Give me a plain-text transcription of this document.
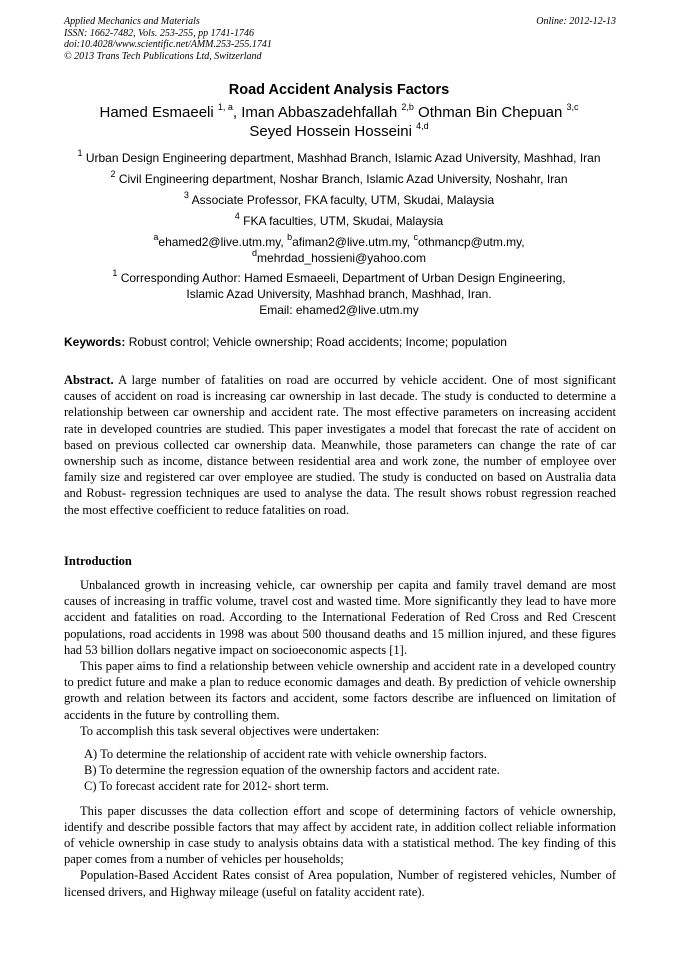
Applied Mechanics and Materials
ISSN: 1662-7482, Vols. 253-255, pp 1741-1746
doi:10.4028/www.scientific.net/AMM.253-255.1741
© 2013 Trans Tech Publications Ltd, Switzerland
Online: 2012-12-13
Road Accident Analysis Factors
Hamed Esmaeeli $^{1, a}$, Iman Abbaszadehfallah $^{2,b}$ Othman Bin Chepuan $^{3,c}$
Seyed Hossein Hosseini $^{4,d}$
$^1$ Urban Design Engineering department, Mashhad Branch, Islamic Azad University, Mashhad, Iran
$^2$ Civil Engineering department, Noshar Branch, Islamic Azad University, Noshahr, Iran
$^3$ Associate Professor, FKA faculty, UTM, Skudai, Malaysia
$^4$ FKA faculties, UTM, Skudai, Malaysia
$^a$ehamed2@live.utm.my, $^b$afiman2@live.utm.my, $^c$othmancp@utm.my,
$^d$mehrdad_hossieni@yahoo.com
$^1$ Corresponding Author: Hamed Esmaeeli, Department of Urban Design Engineering,
Islamic Azad University, Mashhad branch, Mashhad, Iran.
Email: ehamed2@live.utm.my
Keywords: Robust control; Vehicle ownership; Road accidents; Income; population

Abstract. A large number of fatalities on road are occurred by vehicle accident. One of most significant causes of accident on road is increasing car ownership in last decade. The study is conducted to determine a relationship between car ownership and accident rate. The most effective parameters on increasing accident rate in developed countries are studied. This paper investigates a model that forecast the rate of accident on based on previous collected car ownership data. Meanwhile, those parameters can change the rate of car ownership such as income, distance between residential area and work zone, the number of employee over family size and registered car over employee are studied. The study is conducted on based on Australia data and Robust- regression techniques are used to analyse the data. The result shows robust regression reached the most effective coefficient to reduce fatalities on road.

Introduction

Unbalanced growth in increasing vehicle, car ownership per capita and family travel demand are most causes of increasing in traffic volume, travel cost and wasted time. More significantly they lead to have more accident and fatalities on road. According to the International Federation of Red Cross and Red Crescent populations, road accidents in 1998 was about 500 thousand deaths and 15 million injured, and these figures had 53 billion dollars negative impact on socioeconomic aspects [1].

This paper aims to find a relationship between vehicle ownership and accident rate in a developed country to predict future and make a plan to reduce economic damages and death. By prediction of vehicle ownership growth and relation between its factors and accident, some factors describe are influenced on limitation of accidents in the future by controlling them.

To accomplish this task several objectives were undertaken:

A) To determine the relationship of accident rate with vehicle ownership factors.

B) To determine the regression equation of the ownership factors and accident rate.

C) To forecast accident rate for 2012- short term.

This paper discusses the data collection effort and scope of determining factors of vehicle ownership, identify and describe possible factors that may affect by accident rate, in addition collect reliable information of vehicle ownership in case study to analysis obtains data with a statistical method. The key finding of this paper comes from a number of vehicles per households;

Population-Based Accident Rates consist of Area population, Number of registered vehicles, Number of licensed drivers, and Highway mileage (useful on fatality accident rate).
